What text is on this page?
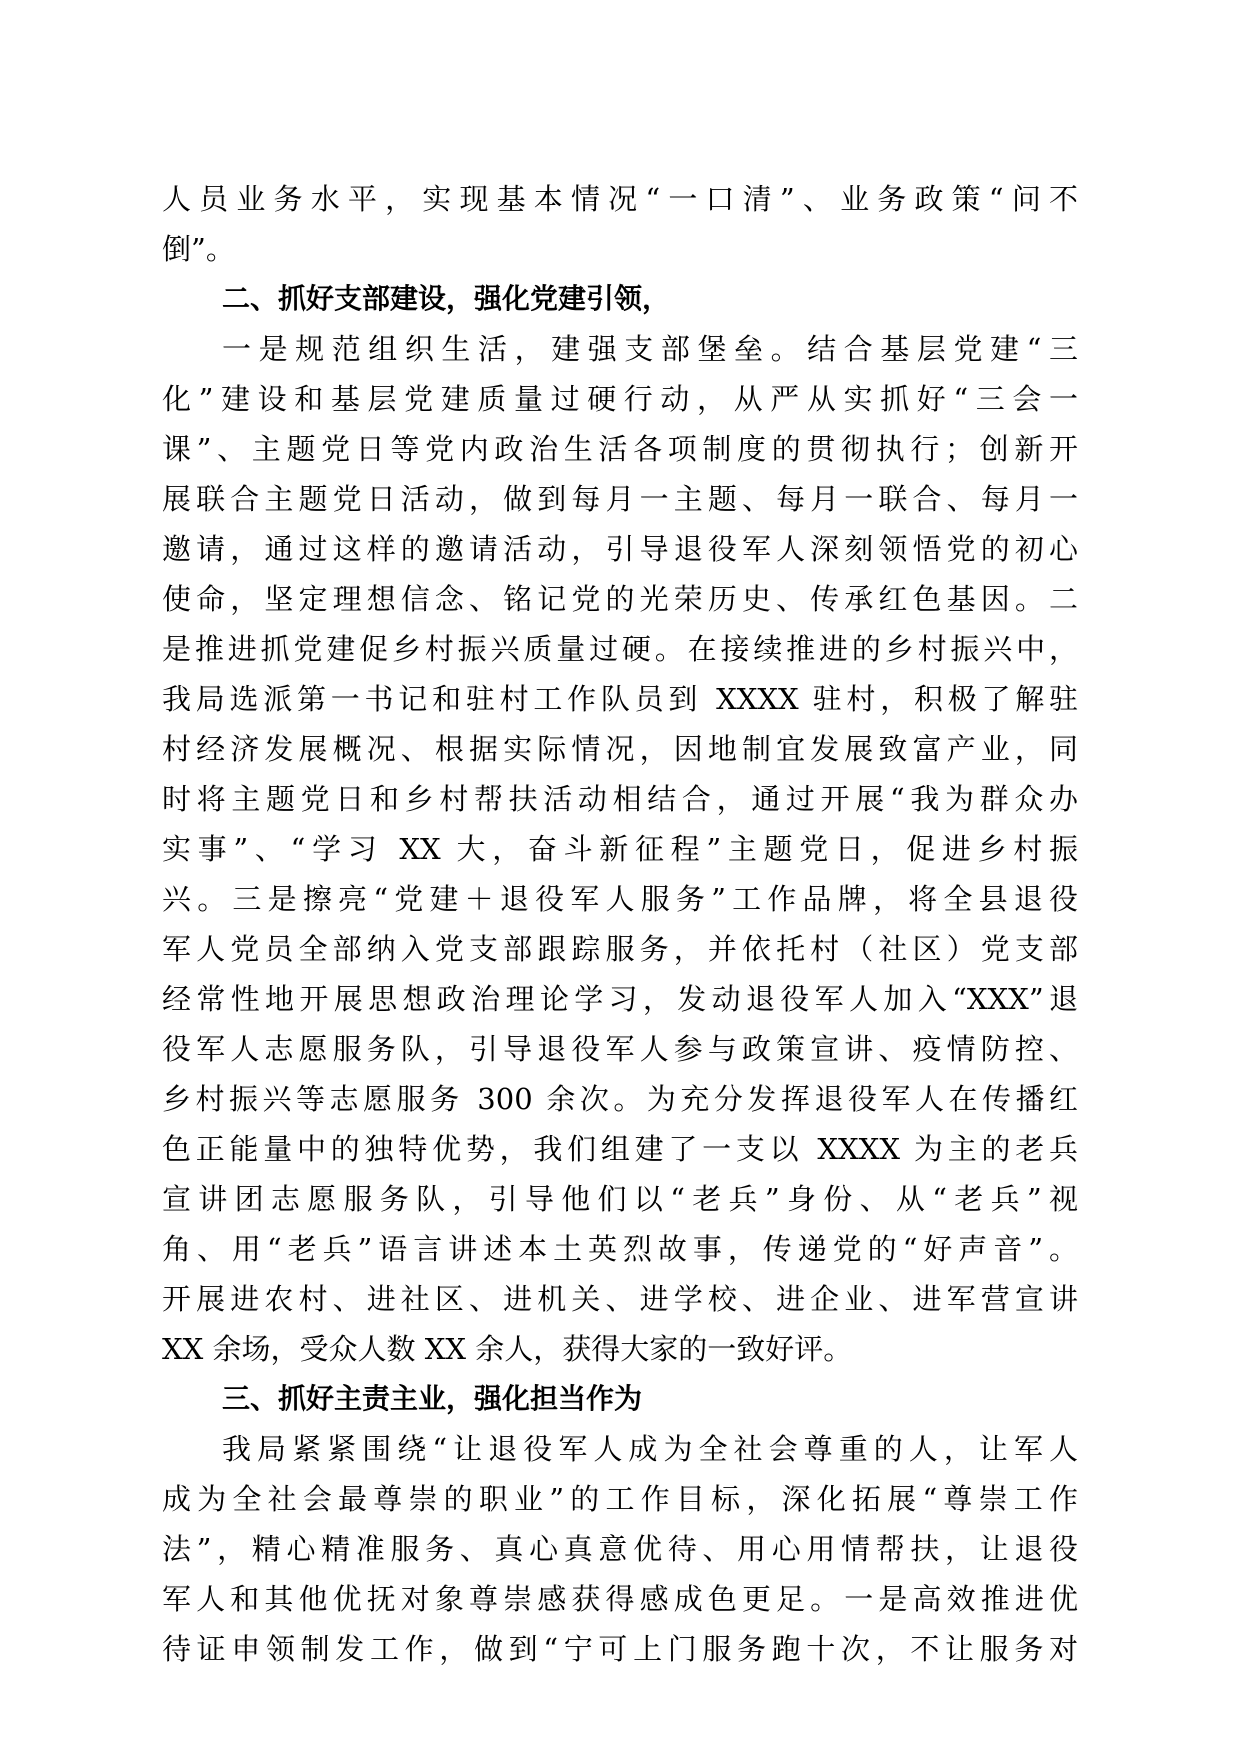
人员业务水平，实现基本情况“一口清”、业务政策“问不
倒”。
二、抓好支部建设，强化党建引领，
一是规范组织生活，建强支部堡垒。结合基层党建“三
化”建设和基层党建质量过硬行动，从严从实抓好“三会一
课”、主题党日等党内政治生活各项制度的贯彻执行；创新开
展联合主题党日活动，做到每月一主题、每月一联合、每月一
邀请，通过这样的邀请活动，引导退役军人深刻领悟党的初心
使命，坚定理想信念、铭记党的光荣历史、传承红色基因。二
是推进抓党建促乡村振兴质量过硬。在接续推进的乡村振兴中，
我局选派第一书记和驻村工作队员到 XXXX 驻村，积极了解驻
村经济发展概况、根据实际情况，因地制宜发展致富产业，同
时将主题党日和乡村帮扶活动相结合，通过开展“我为群众办
实事”、“学习 XX 大，奋斗新征程”主题党日，促进乡村振
兴。三是擦亮“党建＋退役军人服务”工作品牌，将全县退役
军人党员全部纳入党支部跟踪服务，并依托村（社区）党支部
经常性地开展思想政治理论学习，发动退役军人加入“XXX”退
役军人志愿服务队，引导退役军人参与政策宣讲、疫情防控、
乡村振兴等志愿服务 300 余次。为充分发挥退役军人在传播红
色正能量中的独特优势，我们组建了一支以 XXXX 为主的老兵
宣讲团志愿服务队，引导他们以“老兵”身份、从“老兵”视
角、用“老兵”语言讲述本土英烈故事，传递党的“好声音”。
开展进农村、进社区、进机关、进学校、进企业、进军营宣讲
XX 余场，受众人数 XX 余人，获得大家的一致好评。
三、抓好主责主业，强化担当作为
我局紧紧围绕“让退役军人成为全社会尊重的人，让军人
成为全社会最尊崇的职业”的工作目标，深化拓展“尊崇工作
法”，精心精准服务、真心真意优待、用心用情帮扶，让退役
军人和其他优抚对象尊崇感获得感成色更足。一是高效推进优
待证申领制发工作，做到“宁可上门服务跑十次，不让服务对
